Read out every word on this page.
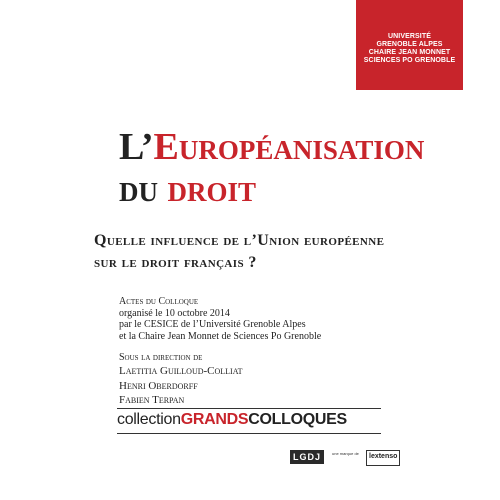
UNIVERSITÉ
GRENOBLE ALPES
CHAIRE JEAN MONNET
SCIENCES PO GRENOBLE
L’Européanisation
du droit
Quelle influence de l’Union européenne
sur le droit français ?
Actes du Colloque
organisé le 10 octobre 2014
par le CESICE de l’Université Grenoble Alpes
et la Chaire Jean Monnet de Sciences Po Grenoble
Sous la direction de
Laetitia Guilloud-Colliat
Henri Oberdorff
Fabien Terpan
collectionGRANDSCOLLOQUES
LGDJ	une marque de	lextenso
